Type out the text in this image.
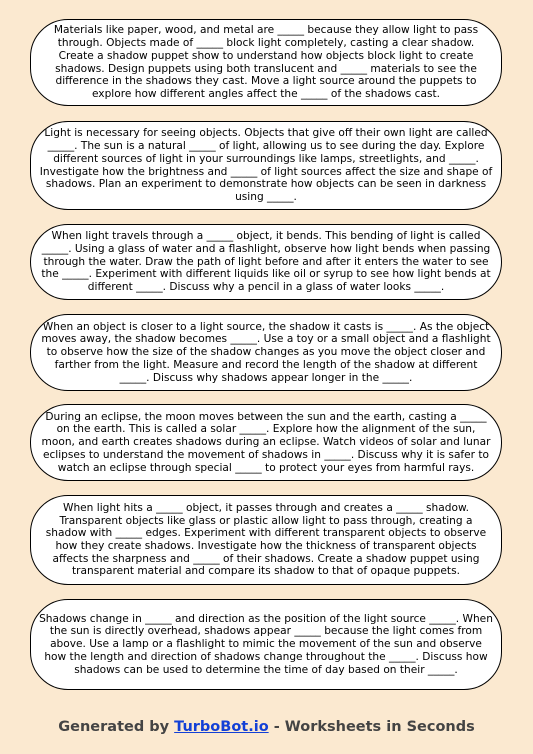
Materials like paper, wood, and metal are _____ because they allow light to pass through. Objects made of _____ block light completely, casting a clear shadow. Create a shadow puppet show to understand how objects block light to create shadows. Design puppets using both translucent and _____ materials to see the difference in the shadows they cast. Move a light source around the puppets to explore how different angles affect the _____ of the shadows cast.

Light is necessary for seeing objects. Objects that give off their own light are called _____. The sun is a natural _____ of light, allowing us to see during the day. Explore different sources of light in your surroundings like lamps, streetlights, and _____. Investigate how the brightness and _____ of light sources affect the size and shape of shadows. Plan an experiment to demonstrate how objects can be seen in darkness using _____.

When light travels through a _____ object, it bends. This bending of light is called _____. Using a glass of water and a flashlight, observe how light bends when passing through the water. Draw the path of light before and after it enters the water to see the _____. Experiment with different liquids like oil or syrup to see how light bends at different _____. Discuss why a pencil in a glass of water looks _____.

When an object is closer to a light source, the shadow it casts is _____. As the object moves away, the shadow becomes _____. Use a toy or a small object and a flashlight to observe how the size of the shadow changes as you move the object closer and farther from the light. Measure and record the length of the shadow at different _____. Discuss why shadows appear longer in the _____.

During an eclipse, the moon moves between the sun and the earth, casting a _____ on the earth. This is called a solar _____. Explore how the alignment of the sun, moon, and earth creates shadows during an eclipse. Watch videos of solar and lunar eclipses to understand the movement of shadows in _____. Discuss why it is safer to watch an eclipse through special _____ to protect your eyes from harmful rays.

When light hits a _____ object, it passes through and creates a _____ shadow. Transparent objects like glass or plastic allow light to pass through, creating a shadow with _____ edges. Experiment with different transparent objects to observe how they create shadows. Investigate how the thickness of transparent objects affects the sharpness and _____ of their shadows. Create a shadow puppet using transparent material and compare its shadow to that of opaque puppets.

Shadows change in _____ and direction as the position of the light source _____. When the sun is directly overhead, shadows appear _____ because the light comes from above. Use a lamp or a flashlight to mimic the movement of the sun and observe how the length and direction of shadows change throughout the _____. Discuss how shadows can be used to determine the time of day based on their _____.

Generated by TurboBot.io - Worksheets in Seconds
